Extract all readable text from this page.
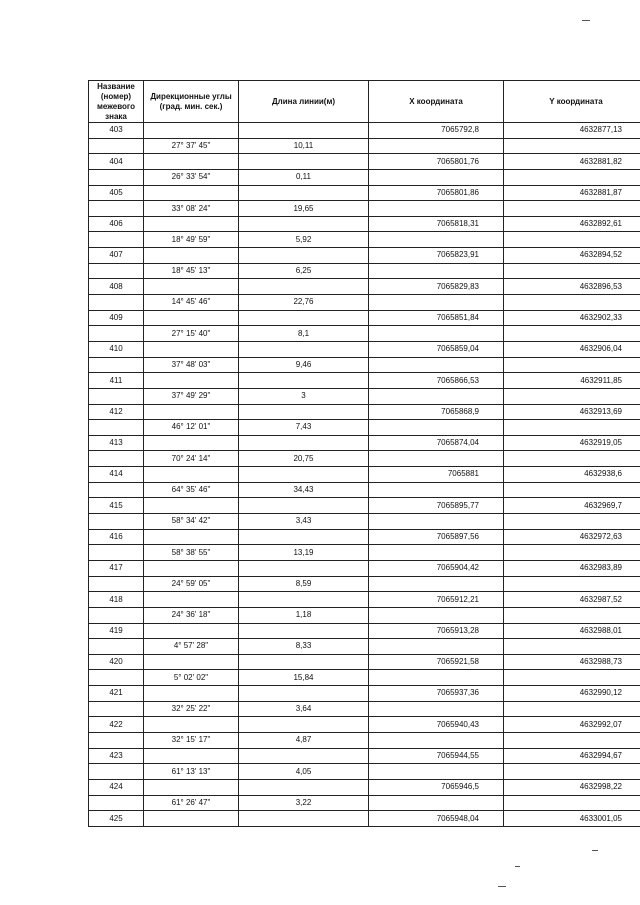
Название (номер) межевого знака	Дирекционные углы (град. мин. сек.)	Длина линии(м)	X координата	Y координата
403			7065792,8	4632877,13
	27° 37' 45"	10,11		
404			7065801,76	4632881,82
	26° 33' 54"	0,11		
405			7065801,86	4632881,87
	33° 08' 24"	19,65		
406			7065818,31	4632892,61
	18° 49' 59"	5,92		
407			7065823,91	4632894,52
	18° 45' 13"	6,25		
408			7065829,83	4632896,53
	14° 45' 46"	22,76		
409			7065851,84	4632902,33
	27° 15' 40"	8,1		
410			7065859,04	4632906,04
	37° 48' 03"	9,46		
411			7065866,53	4632911,85
	37° 49' 29"	3		
412			7065868,9	4632913,69
	46° 12' 01"	7,43		
413			7065874,04	4632919,05
	70° 24' 14"	20,75		
414			7065881	4632938,6
	64° 35' 46"	34,43		
415			7065895,77	4632969,7
	58° 34' 42"	3,43		
416			7065897,56	4632972,63
	58° 38' 55"	13,19		
417			7065904,42	4632983,89
	24° 59' 05"	8,59		
418			7065912,21	4632987,52
	24° 36' 18"	1,18		
419			7065913,28	4632988,01
	4° 57' 28"	8,33		
420			7065921,58	4632988,73
	5° 02' 02"	15,84		
421			7065937,36	4632990,12
	32° 25' 22"	3,64		
422			7065940,43	4632992,07
	32° 15' 17"	4,87		
423			7065944,55	4632994,67
	61° 13' 13"	4,05		
424			7065946,5	4632998,22
	61° 26' 47"	3,22		
425			7065948,04	4633001,05
